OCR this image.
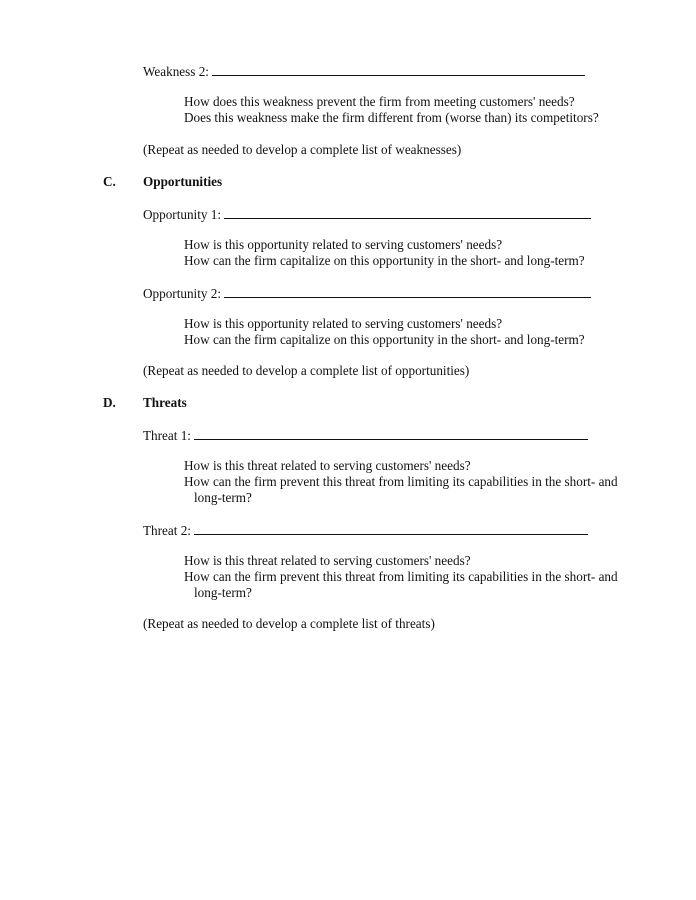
Weakness 2:
How does this weakness prevent the firm from meeting customers' needs?
Does this weakness make the firm different from (worse than) its competitors?
(Repeat as needed to develop a complete list of weaknesses)
C. Opportunities
Opportunity 1:
How is this opportunity related to serving customers' needs?
How can the firm capitalize on this opportunity in the short- and long-term?
Opportunity 2:
How is this opportunity related to serving customers' needs?
How can the firm capitalize on this opportunity in the short- and long-term?
(Repeat as needed to develop a complete list of opportunities)
D. Threats
Threat 1:
How is this threat related to serving customers' needs?
How can the firm prevent this threat from limiting its capabilities in the short- and
long-term?
Threat 2:
How is this threat related to serving customers' needs?
How can the firm prevent this threat from limiting its capabilities in the short- and
long-term?
(Repeat as needed to develop a complete list of threats)
